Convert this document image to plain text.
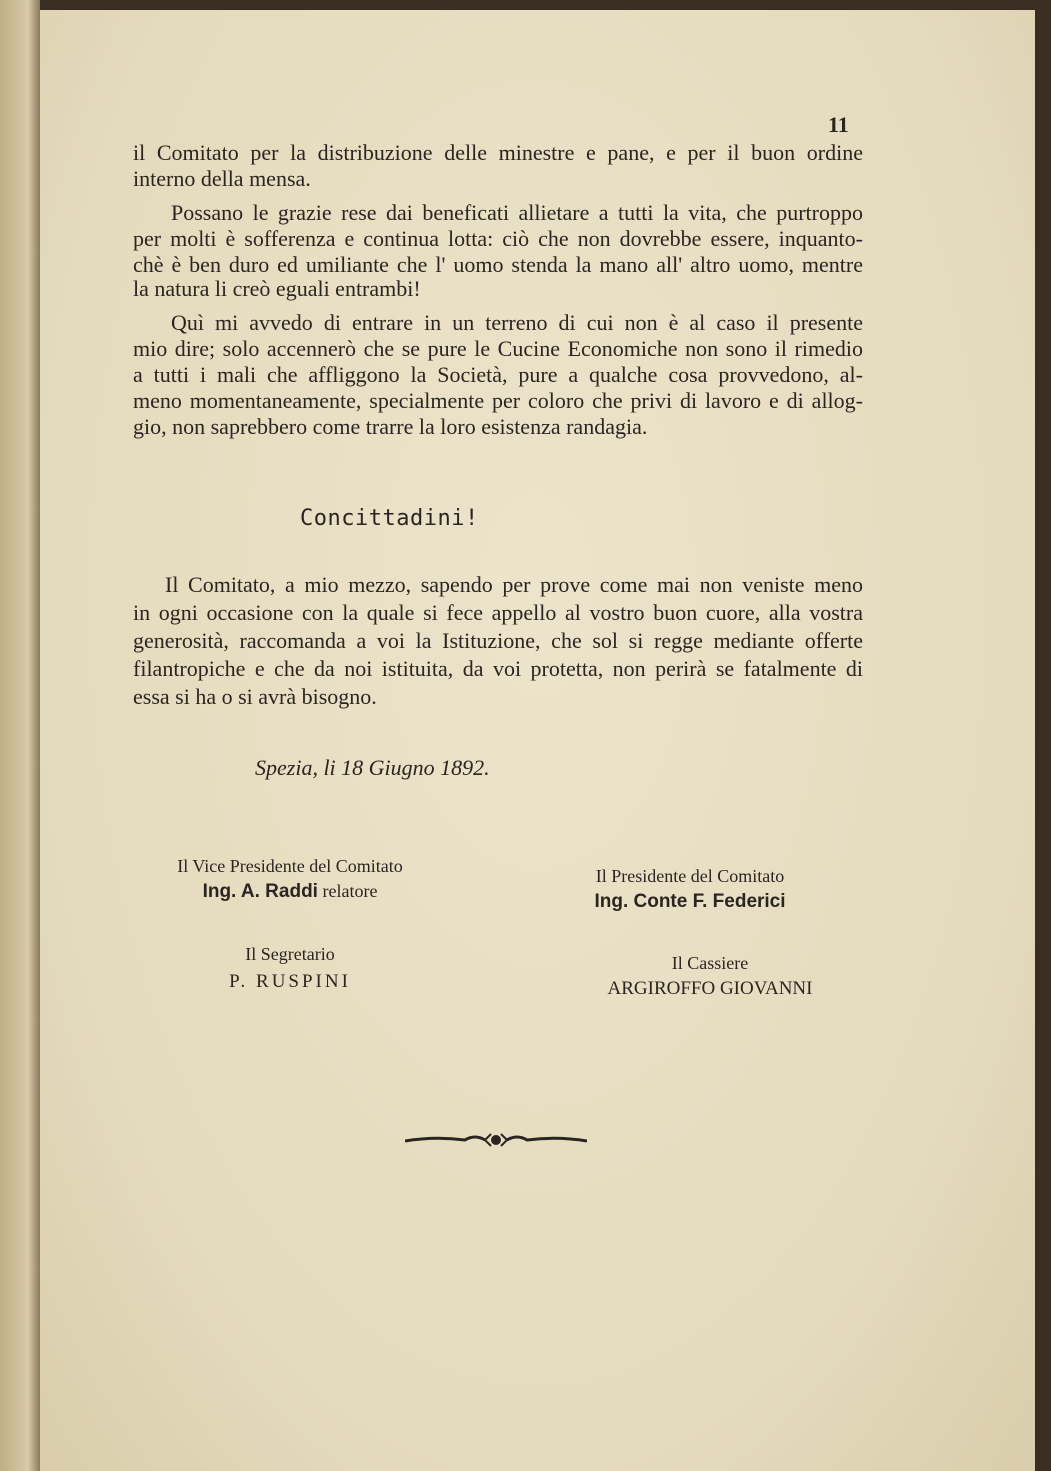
11
il Comitato per la distribuzione delle minestre e pane, e per il buon ordine
interno della mensa.
Possano le grazie rese dai beneficati allietare a tutti la vita, che purtroppo
per molti è sofferenza e continua lotta: ciò che non dovrebbe essere, inquanto-
chè è ben duro ed umiliante che l' uomo stenda la mano all' altro uomo, mentre
la natura li creò eguali entrambi!
Quì mi avvedo di entrare in un terreno di cui non è al caso il presente
mio dire; solo accennerò che se pure le Cucine Economiche non sono il rimedio
a tutti i mali che affliggono la Società, pure a qualche cosa provvedono, al-
meno momentaneamente, specialmente per coloro che privi di lavoro e di allog-
gio, non saprebbero come trarre la loro esistenza randagia.
Concittadini!
Il Comitato, a mio mezzo, sapendo per prove come mai non veniste meno
in ogni occasione con la quale si fece appello al vostro buon cuore, alla vostra
generosità, raccomanda a voi la Istituzione, che sol si regge mediante offerte
filantropiche e che da noi istituita, da voi protetta, non perirà se fatalmente di
essa si ha o si avrà bisogno.
Spezia, li 18 Giugno 1892.
Il Vice Presidente del Comitato
Ing. A. Raddi relatore
Il Presidente del Comitato
Ing. Conte F. Federici
Il Segretario
P. RUSPINI
Il Cassiere
ARGIROFFO GIOVANNI
